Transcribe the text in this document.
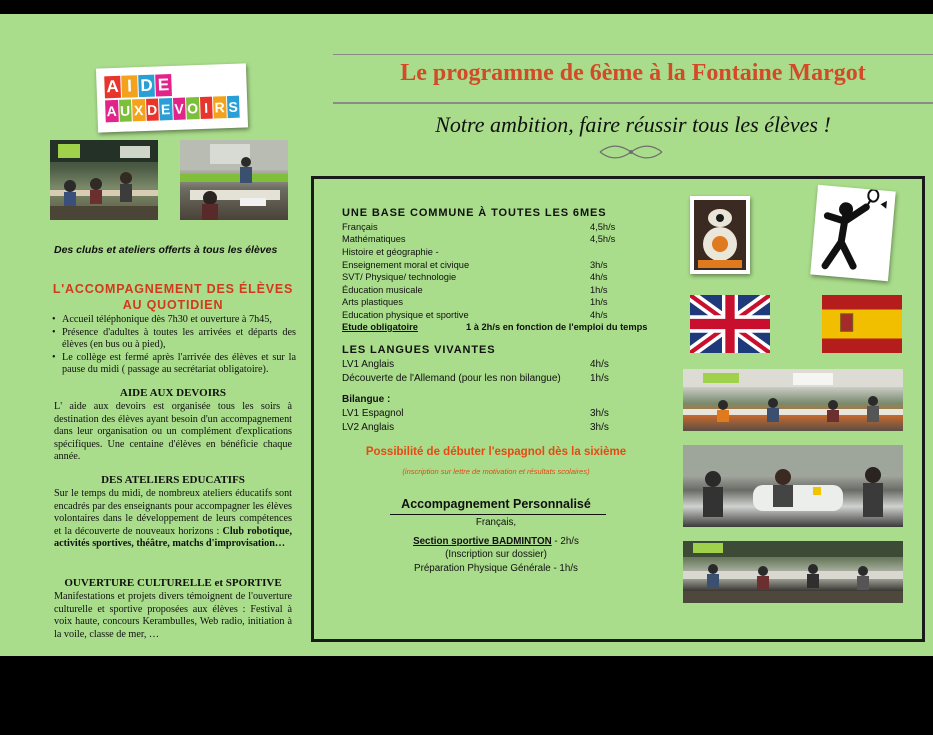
A I D E
A U X D E V O I R S
Des clubs et ateliers offerts à tous les élèves
L'ACCOMPAGNEMENT DES ÉLÈVES AU QUOTIDIEN
• Accueil téléphonique dès 7h30 et ouverture à 7h45,
• Présence d'adultes à toutes les arrivées et départs des élèves (en bus ou à pied),
• Le collège est fermé après l'arrivée des élèves et sur la pause du midi ( passage au secrétariat obligatoire).
AIDE AUX DEVOIRS

L' aide aux devoirs est organisée tous les soirs à destination des élèves ayant besoin d'un accompagnement dans leur organisation ou un complément d'explications spécifiques. Une centaine d'élèves en bénéficie chaque année.

DES ATELIERS EDUCATIFS

Sur le temps du midi, de nombreux ateliers éducatifs sont encadrés par des enseignants pour accompagner les élèves volontaires dans le développement de leurs compétences et la découverte de nouveaux horizons : Club robotique, activités sportives, théâtre, matchs d'improvisation…

OUVERTURE CULTURELLE et SPORTIVE

Manifestations et projets divers témoignent de l'ouverture culturelle et sportive proposées aux élèves : Festival à voix haute, concours Kerambulles, Web radio, initiation à la voile, classe de mer, …

Le programme de 6ème à la Fontaine Margot
Notre ambition, faire réussir tous les élèves !
UNE BASE COMMUNE À TOUTES LES 6MES
Français	4,5h/s
Mathématiques	4,5h/s
Histoire et géographie -
Enseignement moral et civique	3h/s
SVT/ Physique/ technologie	4h/s
Éducation musicale	1h/s
Arts plastiques	1h/s
Education physique et sportive	4h/s
Etude obligatoire	1 à 2h/s en fonction de l'emploi du temps
LES LANGUES VIVANTES
LV1 Anglais	4h/s
Découverte de l'Allemand (pour les non bilangue)	1h/s
Bilangue :
LV1 Espagnol	3h/s
LV2 Anglais	3h/s
Possibilité de débuter l'espagnol dès la sixième
(inscription sur lettre de motivation et résultats scolaires)
Accompagnement Personnalisé
Français,
Section sportive BADMINTON - 2h/s
(Inscription sur dossier)
Préparation Physique Générale - 1h/s
